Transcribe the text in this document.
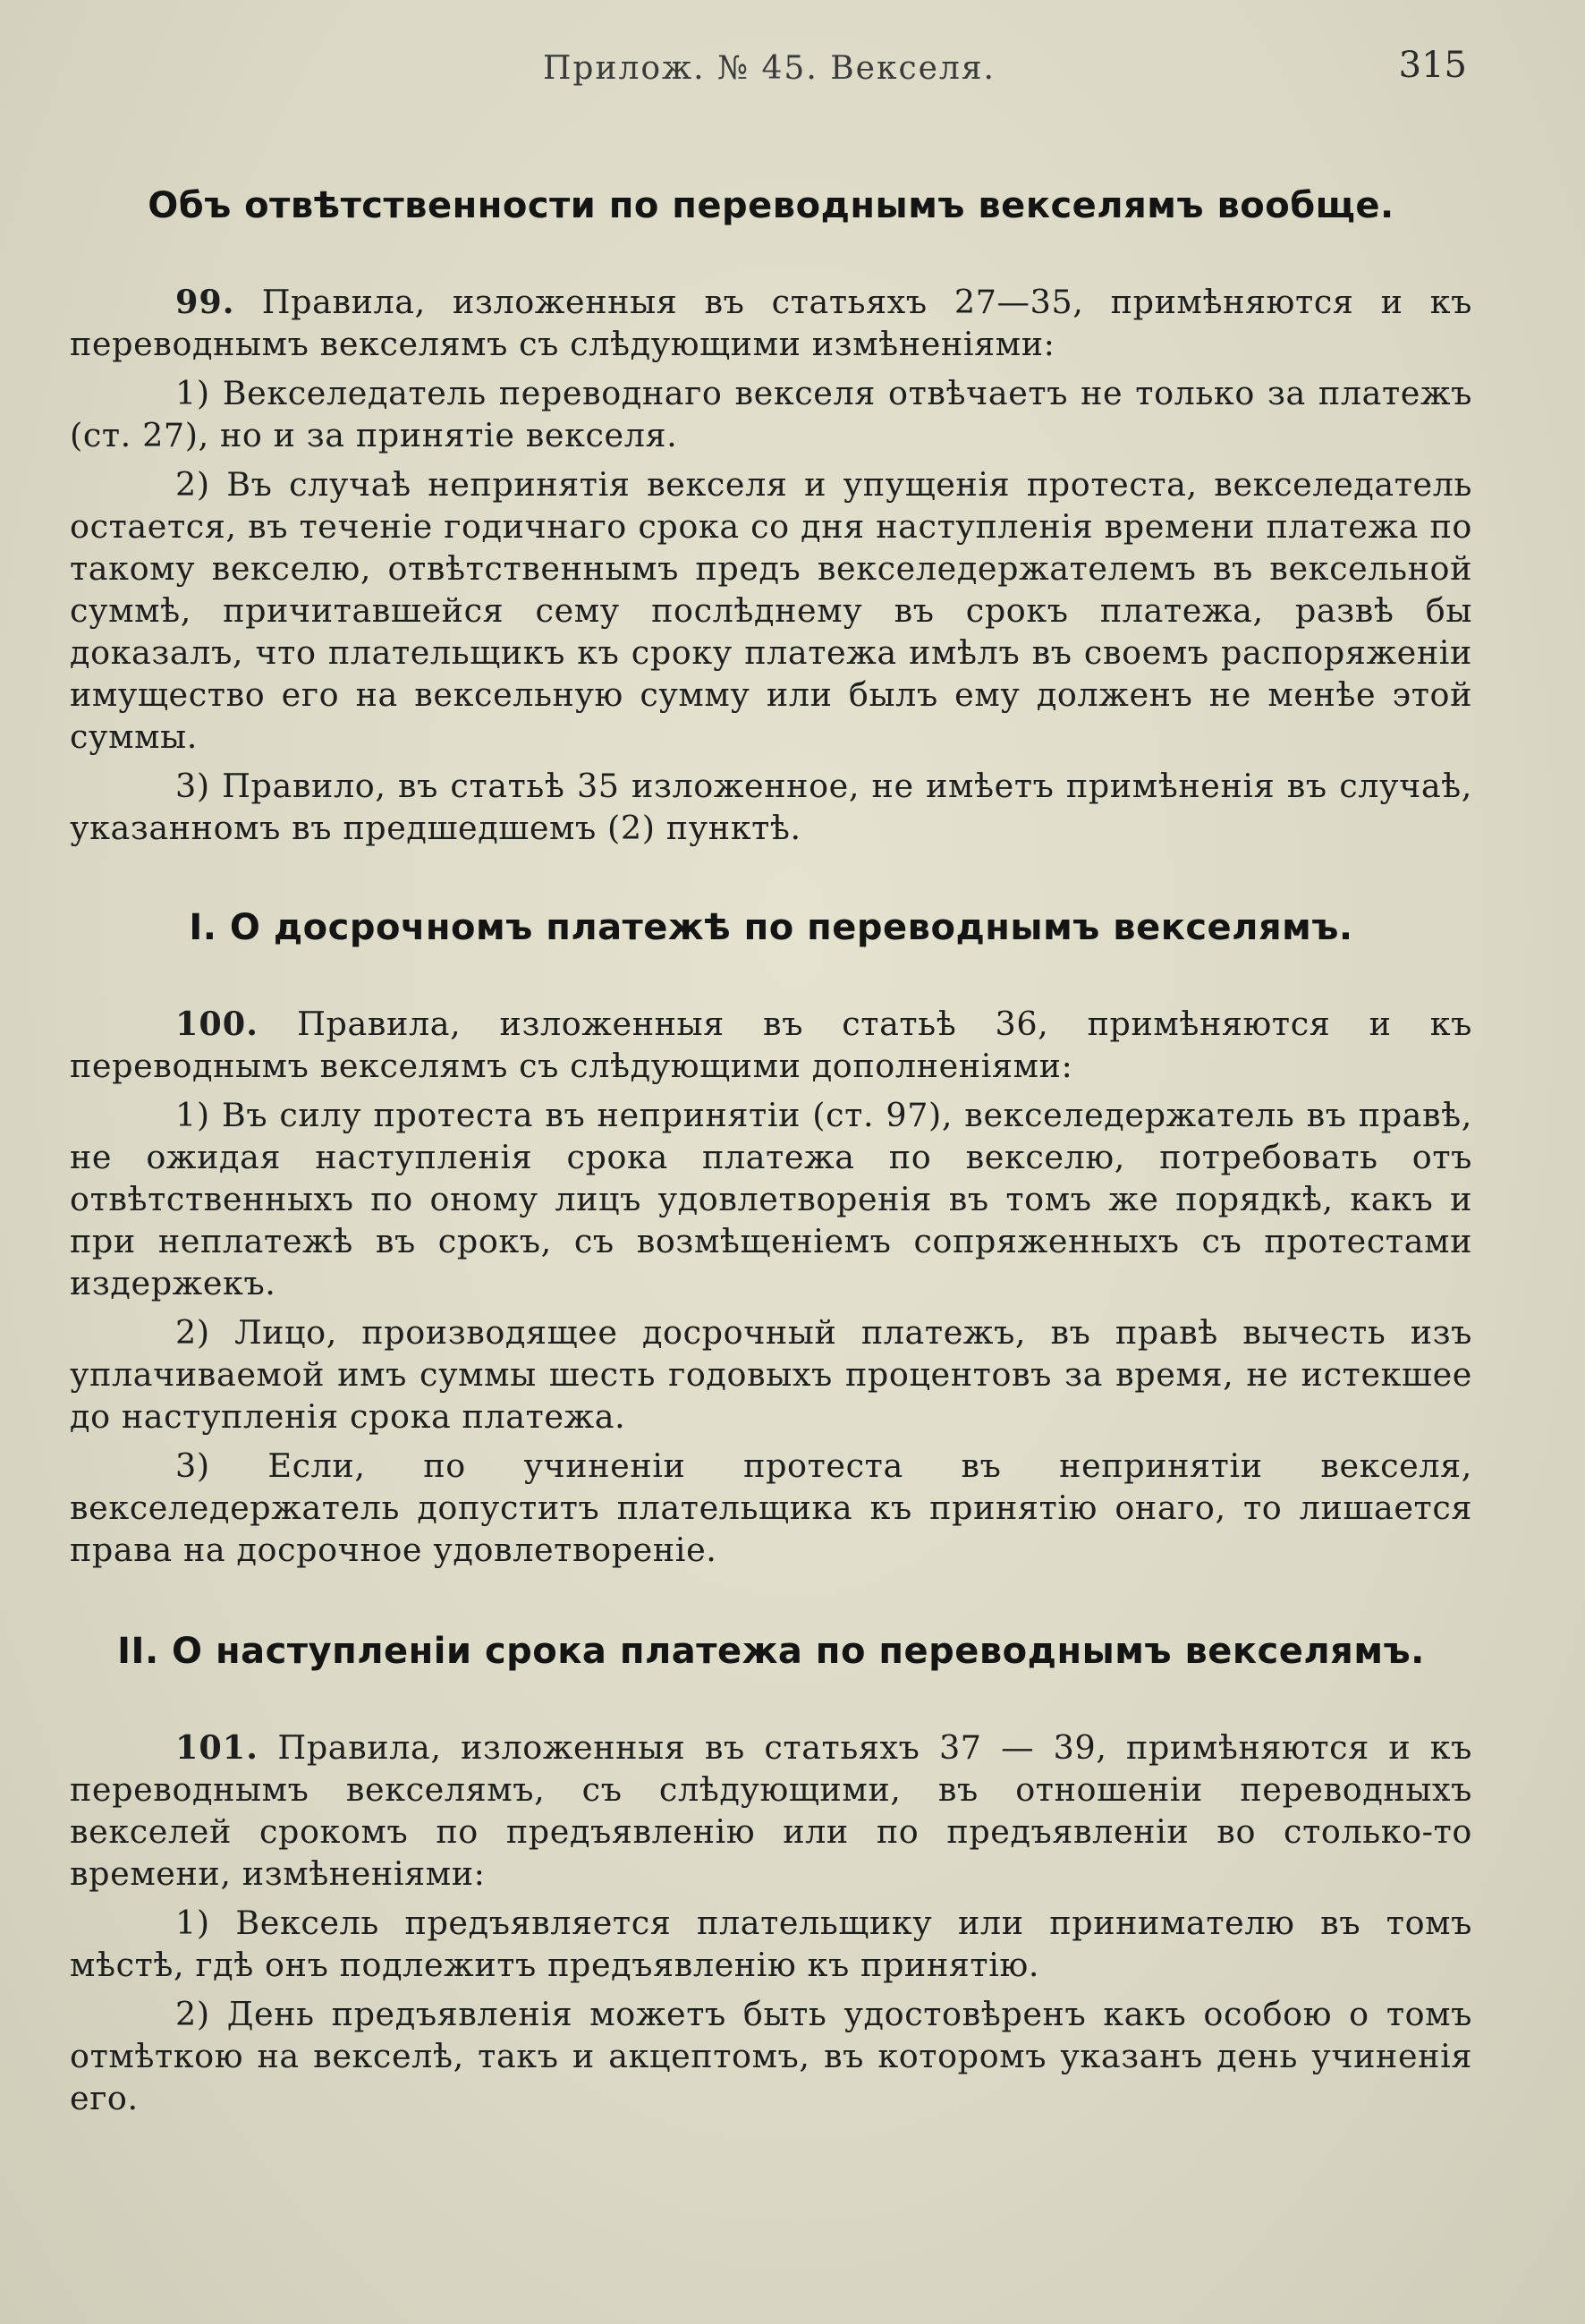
Прилож. № 45. Векселя.	315
Объ отвѣтственности по переводнымъ векселямъ вообще.

99. Правила, изложенныя въ статьяхъ 27—35, примѣняются и къ переводнымъ векселямъ съ слѣдующими измѣненіями:

1) Векселедатель переводнаго векселя отвѣчаетъ не только за платежъ (ст. 27), но и за принятіе векселя.

2) Въ случаѣ непринятія векселя и упущенія протеста, векселедатель остается, въ теченіе годичнаго срока со дня наступленія времени платежа по такому векселю, отвѣтственнымъ предъ векселедержателемъ въ вексельной суммѣ, причитавшейся сему послѣднему въ срокъ платежа, развѣ бы доказалъ, что плательщикъ къ сроку платежа имѣлъ въ своемъ распоряженіи имущество его на вексельную сумму или былъ ему долженъ не менѣе этой суммы.

3) Правило, въ статьѣ 35 изложенное, не имѣетъ примѣненія въ случаѣ, указанномъ въ предшедшемъ (2) пунктѣ.

I. О досрочномъ платежѣ по переводнымъ векселямъ.

100. Правила, изложенныя въ статьѣ 36, примѣняются и къ переводнымъ векселямъ съ слѣдующими дополненіями:

1) Въ силу протеста въ непринятіи (ст. 97), векселедержатель въ правѣ, не ожидая наступленія срока платежа по векселю, потребовать отъ отвѣтственныхъ по оному лицъ удовлетворенія въ томъ же порядкѣ, какъ и при неплатежѣ въ срокъ, съ возмѣщеніемъ сопряженныхъ съ протестами издержекъ.

2) Лицо, производящее досрочный платежъ, въ правѣ вычесть изъ уплачиваемой имъ суммы шесть годовыхъ процентовъ за время, не истекшее до наступленія срока платежа.

3) Если, по учиненіи протеста въ непринятіи векселя, векселедержатель допуститъ плательщика къ принятію онаго, то лишается права на досрочное удовлетвореніе.

II. О наступленіи срока платежа по переводнымъ векселямъ.

101. Правила, изложенныя въ статьяхъ 37 — 39, примѣняются и къ переводнымъ векселямъ, съ слѣдующими, въ отношеніи переводныхъ векселей срокомъ по предъявленію или по предъявленіи во столько-то времени, измѣненіями:

1) Вексель предъявляется плательщику или принимателю въ томъ мѣстѣ, гдѣ онъ подлежитъ предъявленію къ принятію.

2) День предъявленія можетъ быть удостовѣренъ какъ особою о томъ отмѣткою на векселѣ, такъ и акцептомъ, въ которомъ указанъ день учиненія его.
